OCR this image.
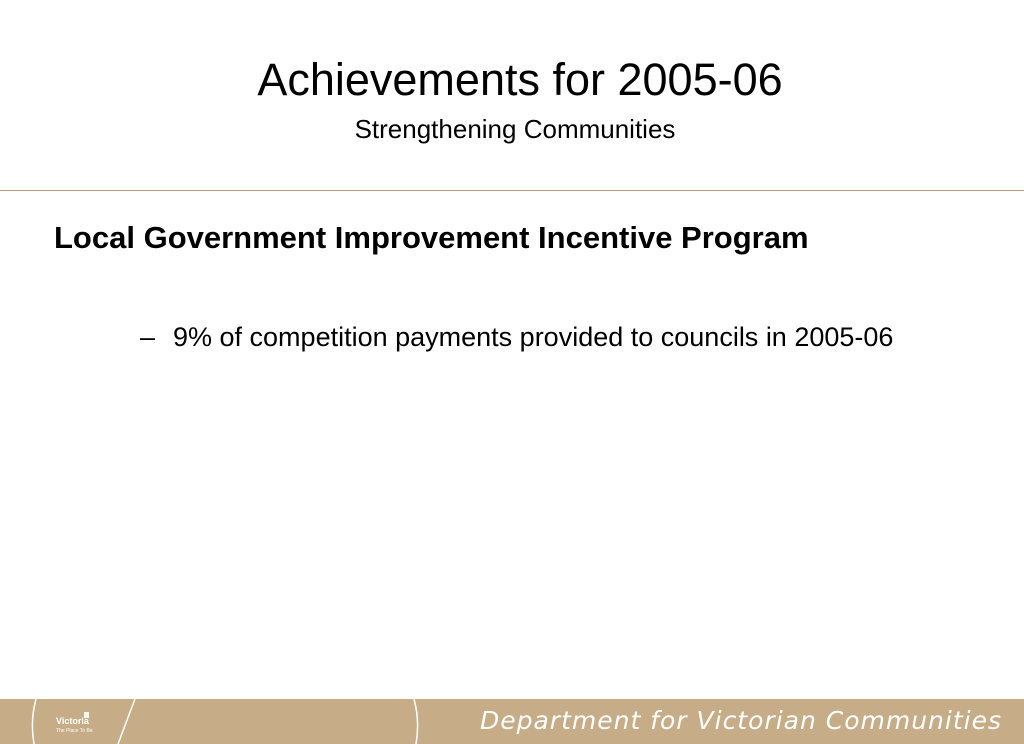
Achievements for 2005-06
Strengthening Communities
Local Government Improvement Incentive Program
– 9% of competition payments provided to councils in 2005-06
Victoria
The Place To Be	Department for Victorian Communities
